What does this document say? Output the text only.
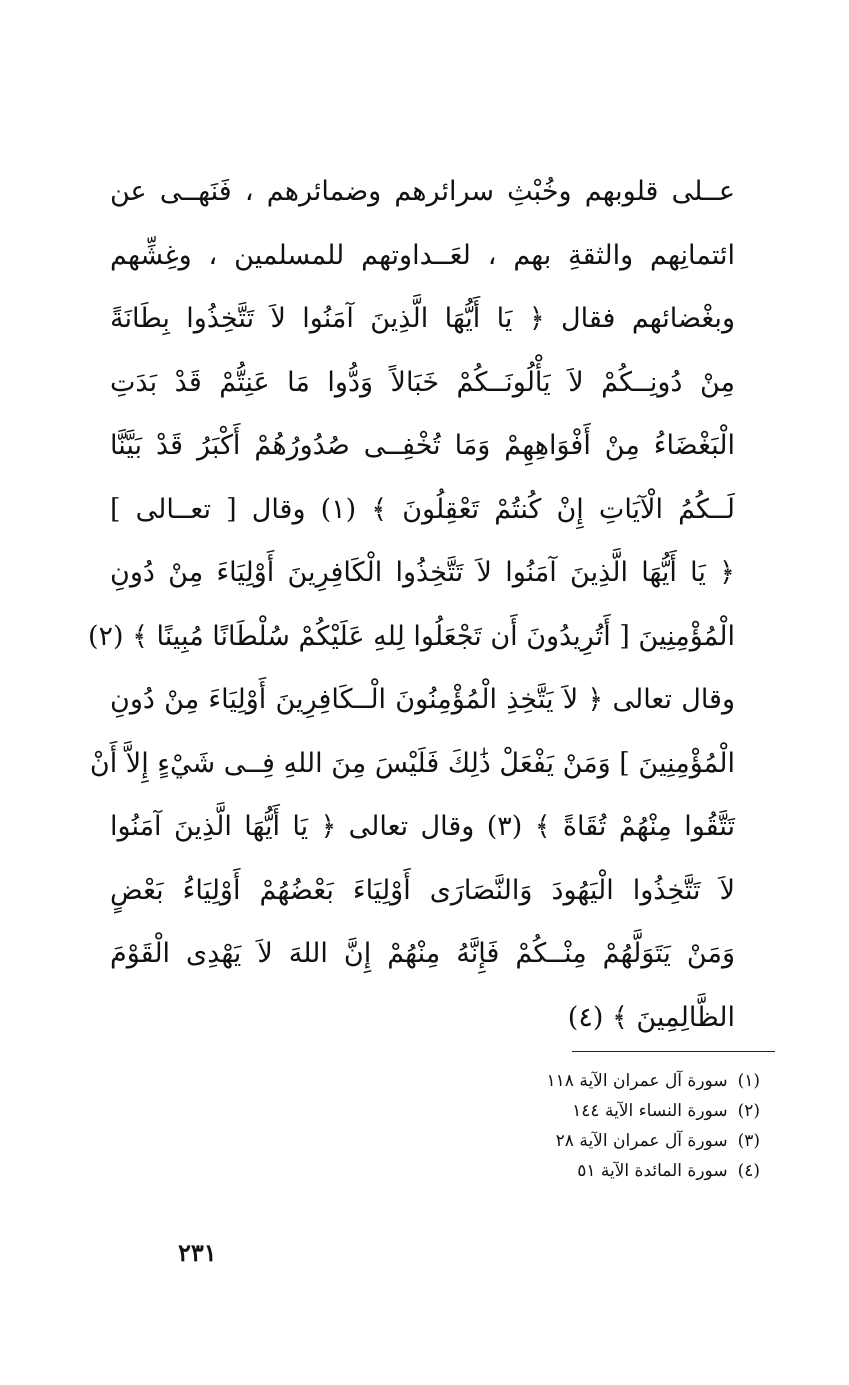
عــلى قلوبهم وخُبْثِ سرائرهم وضمائرهم ، فَنَهــى عن
ائتمانِهم والثقةِ بهم ، لعَــداوتهم للمسلمين ، وغِشِّهم
وبغْضائهم فقال ﴿ يَا أَيُّهَا الَّذِينَ آمَنُوا لاَ تَتَّخِذُوا بِطَانَةً
مِنْ دُونِــكُمْ لاَ يَأْلُونَــكُمْ خَبَالاً وَدُّوا مَا عَنِتُّمْ قَدْ بَدَتِ
الْبَغْضَاءُ مِنْ أَفْوَاهِهِمْ وَمَا تُخْفِــى صُدُورُهُمْ أَكْبَرُ قَدْ بَيَّنَّا
لَــكُمُ الْآيَاتِ إِنْ كُنتُمْ تَعْقِلُونَ ﴾ (١) وقال [ تعــالى ]
﴿ يَا أَيُّهَا الَّذِينَ آمَنُوا لاَ تَتَّخِذُوا الْكَافِرِينَ أَوْلِيَاءَ مِنْ دُونِ
الْمُؤْمِنِينَ [ أَتُرِيدُونَ أَن تَجْعَلُوا لِلهِ عَلَيْكُمْ سُلْطَانًا مُبِينًا ﴾ (٢)
وقال تعالى ﴿ لاَ يَتَّخِذِ الْمُؤْمِنُونَ الْــكَافِرِينَ أَوْلِيَاءَ مِنْ دُونِ
الْمُؤْمِنِينَ ] وَمَنْ يَفْعَلْ ذَٰلِكَ فَلَيْسَ مِنَ اللهِ فِــى شَيْءٍ إِلاَّ أَنْ
تَتَّقُوا مِنْهُمْ تُقَاةً ﴾ (٣) وقال تعالى ﴿ يَا أَيُّهَا الَّذِينَ آمَنُوا
لاَ تَتَّخِذُوا الْيَهُودَ وَالنَّصَارَى أَوْلِيَاءَ بَعْضُهُمْ أَوْلِيَاءُ بَعْضٍ
وَمَنْ يَتَوَلَّهُمْ مِنْــكُمْ فَإِنَّهُ مِنْهُمْ إِنَّ اللهَ لاَ يَهْدِى الْقَوْمَ
الظَّالِمِينَ ﴾ (٤)
(١)سورة آل عمران الآية ١١٨
(٢)سورة النساء الآية ١٤٤
(٣)سورة آل عمران الآية ٢٨
(٤)سورة المائدة الآية ٥١
٢٣١
